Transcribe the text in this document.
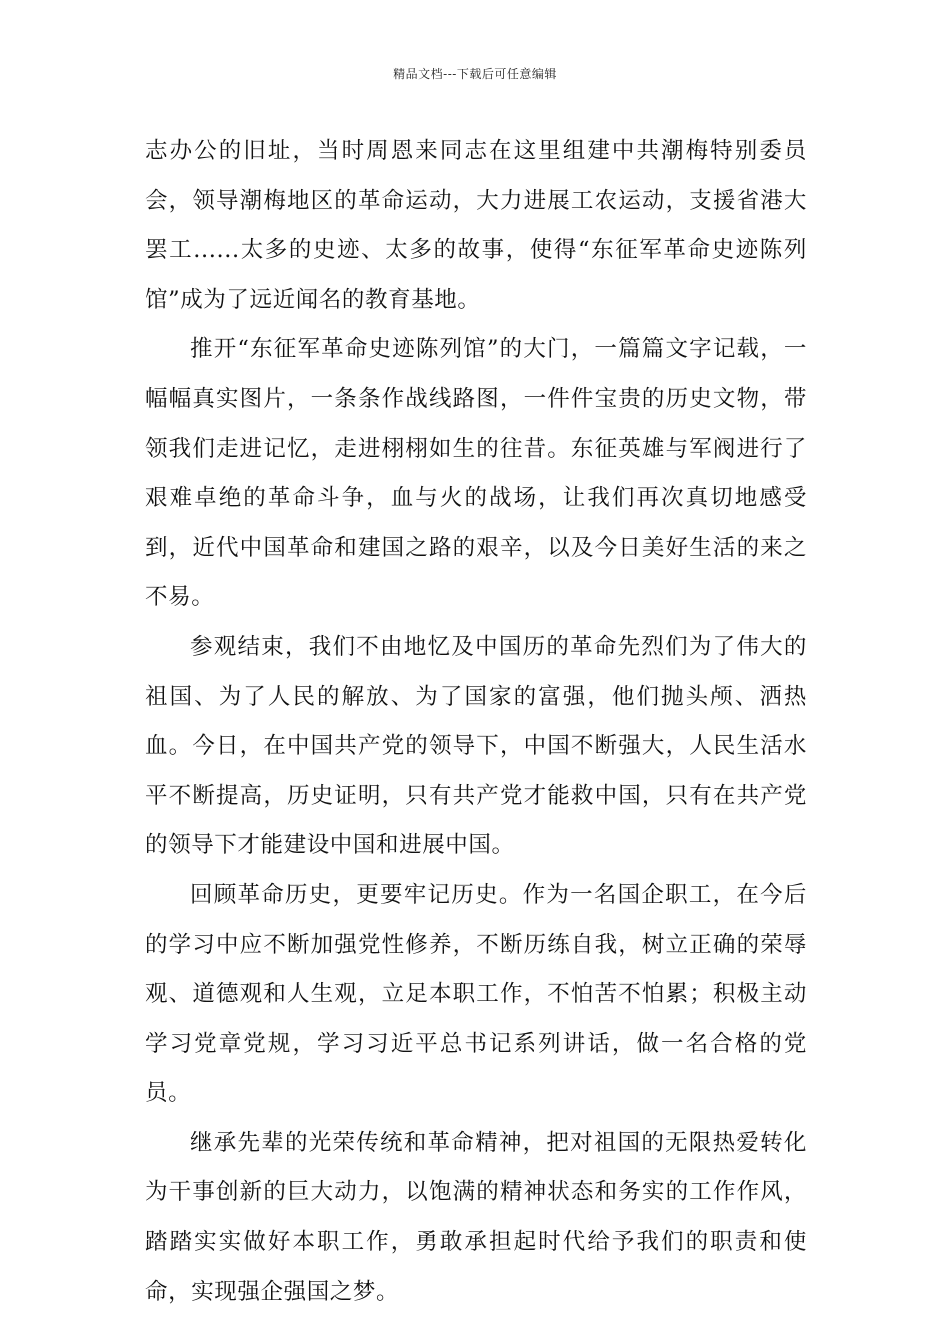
精品文档---下载后可任意编辑

志办公的旧址，当时周恩来同志在这里组建中共潮梅特别委员会，领导潮梅地区的革命运动，大力进展工农运动，支援省港大罢工......太多的史迹、太多的故事，使得“东征军革命史迹陈列馆”成为了远近闻名的教育基地。

推开“东征军革命史迹陈列馆”的大门，一篇篇文字记载，一幅幅真实图片，一条条作战线路图，一件件宝贵的历史文物，带领我们走进记忆，走进栩栩如生的往昔。东征英雄与军阀进行了艰难卓绝的革命斗争，血与火的战场，让我们再次真切地感受到，近代中国革命和建国之路的艰辛，以及今日美好生活的来之不易。

参观结束，我们不由地忆及中国历的革命先烈们为了伟大的祖国、为了人民的解放、为了国家的富强，他们抛头颅、洒热血。今日，在中国共产党的领导下，中国不断强大，人民生活水平不断提高，历史证明，只有共产党才能救中国，只有在共产党的领导下才能建设中国和进展中国。

回顾革命历史，更要牢记历史。作为一名国企职工，在今后的学习中应不断加强党性修养，不断历练自我，树立正确的荣辱观、道德观和人生观，立足本职工作，不怕苦不怕累；积极主动学习党章党规，学习习近平总书记系列讲话，做一名合格的党员。

继承先辈的光荣传统和革命精神，把对祖国的无限热爱转化为干事创新的巨大动力，以饱满的精神状态和务实的工作作风，踏踏实实做好本职工作，勇敢承担起时代给予我们的职责和使命，实现强企强国之梦。
